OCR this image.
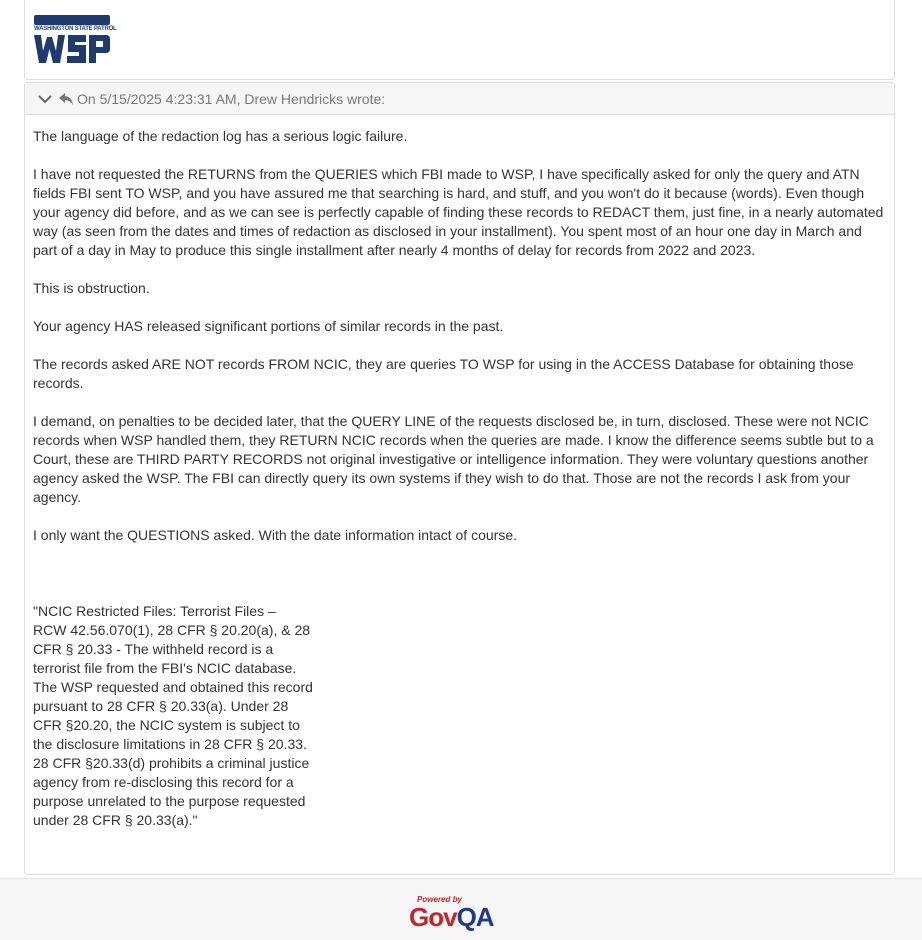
WASHINGTON STATE PATROL
On 5/15/2025 4:23:31 AM, Drew Hendricks wrote:

The language of the redaction log has a serious logic failure.

I have not requested the RETURNS from the QUERIES which FBI made to WSP, I have specifically asked for only the query and ATN fields FBI sent TO WSP, and you have assured me that searching is hard, and stuff, and you won't do it because (words). Even though your agency did before, and as we can see is perfectly capable of finding these records to REDACT them, just fine, in a nearly automated way (as seen from the dates and times of redaction as disclosed in your installment). You spent most of an hour one day in March and part of a day in May to produce this single installment after nearly 4 months of delay for records from 2022 and 2023.

This is obstruction.

Your agency HAS released significant portions of similar records in the past.

The records asked ARE NOT records FROM NCIC, they are queries TO WSP for using in the ACCESS Database for obtaining those records.

I demand, on penalties to be decided later, that the QUERY LINE of the requests disclosed be, in turn, disclosed. These were not NCIC records when WSP handled them, they RETURN NCIC records when the queries are made. I know the difference seems subtle but to a Court, these are THIRD PARTY RECORDS not original investigative or intelligence information. They were voluntary questions another agency asked the WSP. The FBI can directly query its own systems if they wish to do that. Those are not the records I ask from your agency.

I only want the QUESTIONS asked. With the date information intact of course.

"NCIC Restricted Files: Terrorist Files – RCW 42.56.070(1), 28 CFR § 20.20(a), & 28 CFR § 20.33 - The withheld record is a terrorist file from the FBI's NCIC database. The WSP requested and obtained this record pursuant to 28 CFR § 20.33(a). Under 28 CFR §20.20, the NCIC system is subject to the disclosure limitations in 28 CFR § 20.33. 28 CFR §20.33(d) prohibits a criminal justice agency from re-disclosing this record for a purpose unrelated to the purpose requested under 28 CFR § 20.33(a)."

Powered by
GovQA
